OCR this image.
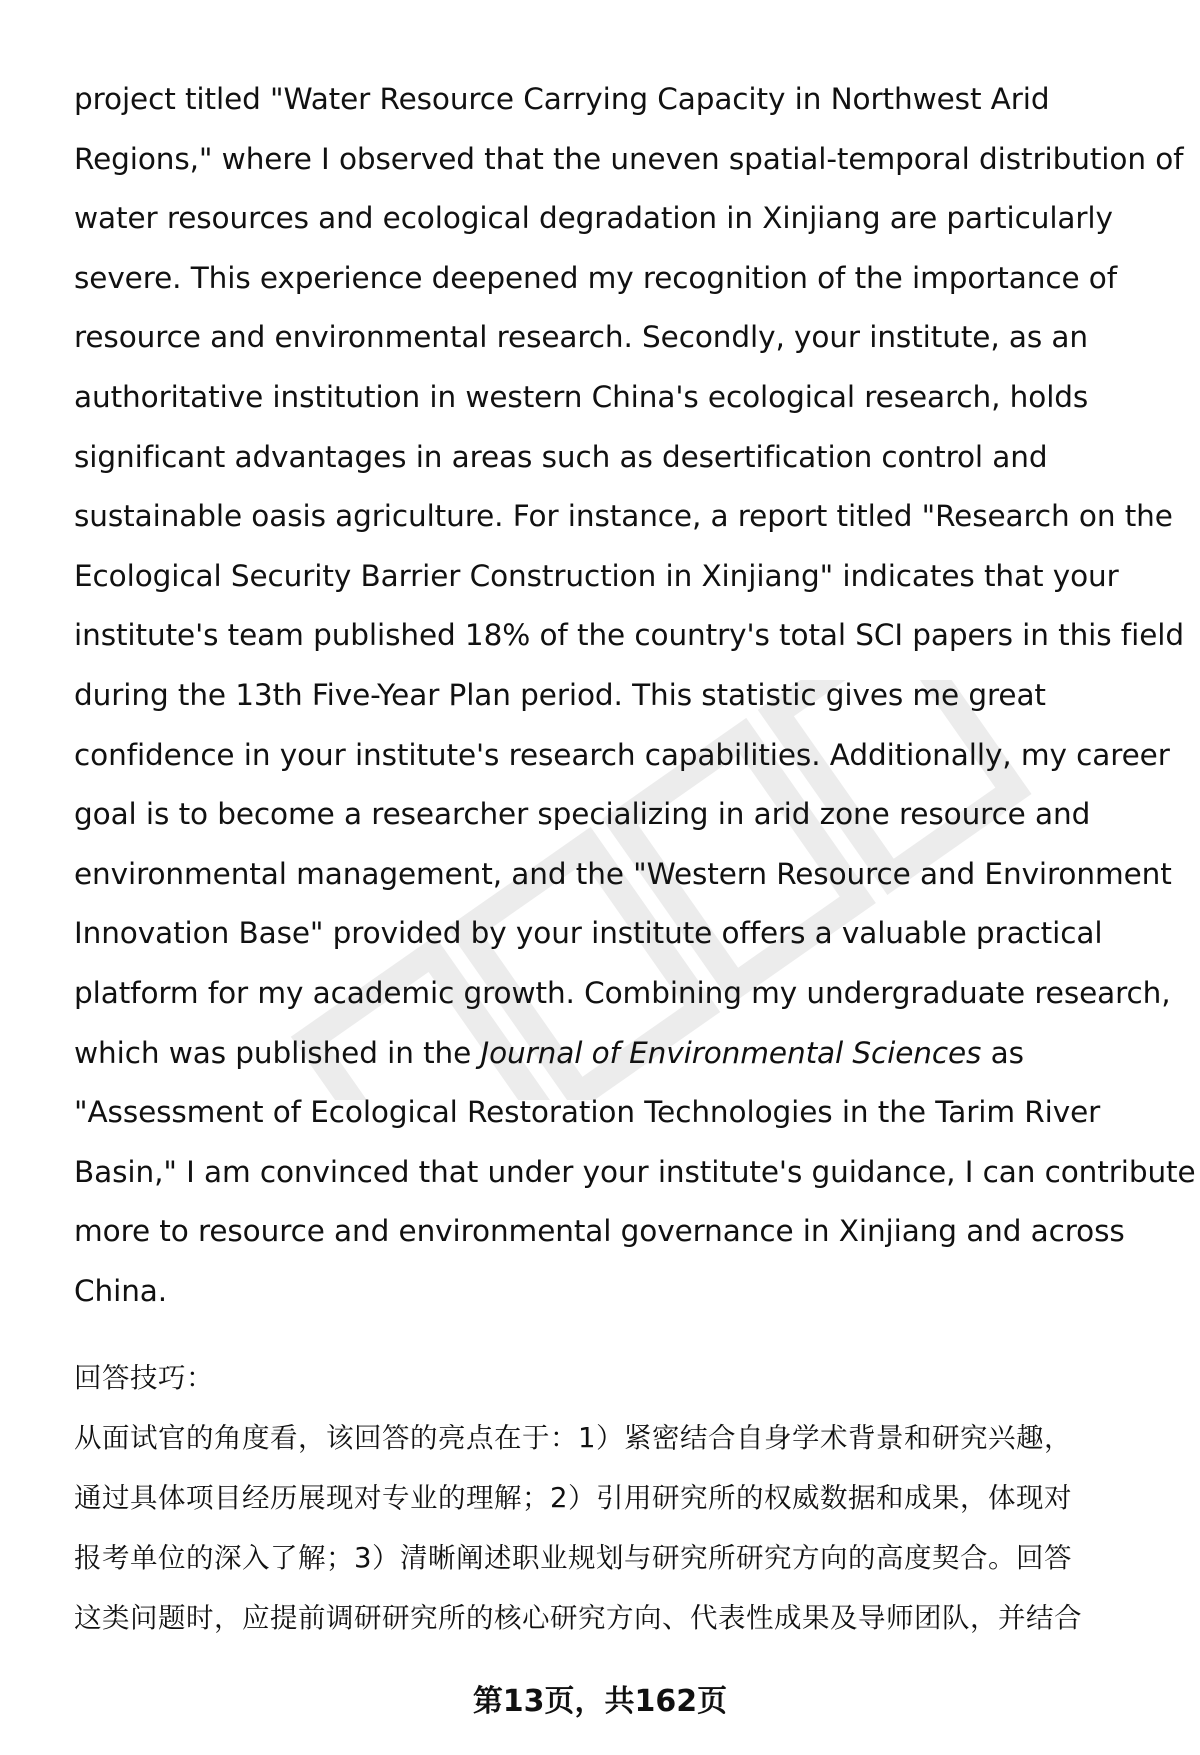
project titled "Water Resource Carrying Capacity in Northwest Arid
Regions," where I observed that the uneven spatial-temporal distribution of
water resources and ecological degradation in Xinjiang are particularly
severe. This experience deepened my recognition of the importance of
resource and environmental research. Secondly, your institute, as an
authoritative institution in western China's ecological research, holds
significant advantages in areas such as desertification control and
sustainable oasis agriculture. For instance, a report titled "Research on the
Ecological Security Barrier Construction in Xinjiang" indicates that your
institute's team published 18% of the country's total SCI papers in this field
during the 13th Five-Year Plan period. This statistic gives me great
confidence in your institute's research capabilities. Additionally, my career
goal is to become a researcher specializing in arid zone resource and
environmental management, and the "Western Resource and Environment
Innovation Base" provided by your institute offers a valuable practical
platform for my academic growth. Combining my undergraduate research,
which was published in the Journal of Environmental Sciences as
"Assessment of Ecological Restoration Technologies in the Tarim River
Basin," I am convinced that under your institute's guidance, I can contribute
more to resource and environmental governance in Xinjiang and across
China.
回答技巧：
从面试官的角度看，该回答的亮点在于：1）紧密结合自身学术背景和研究兴趣，
通过具体项目经历展现对专业的理解；2）引用研究所的权威数据和成果，体现对
报考单位的深入了解；3）清晰阐述职业规划与研究所研究方向的高度契合。回答
这类问题时，应提前调研研究所的核心研究方向、代表性成果及导师团队，并结合
第13页，共162页
